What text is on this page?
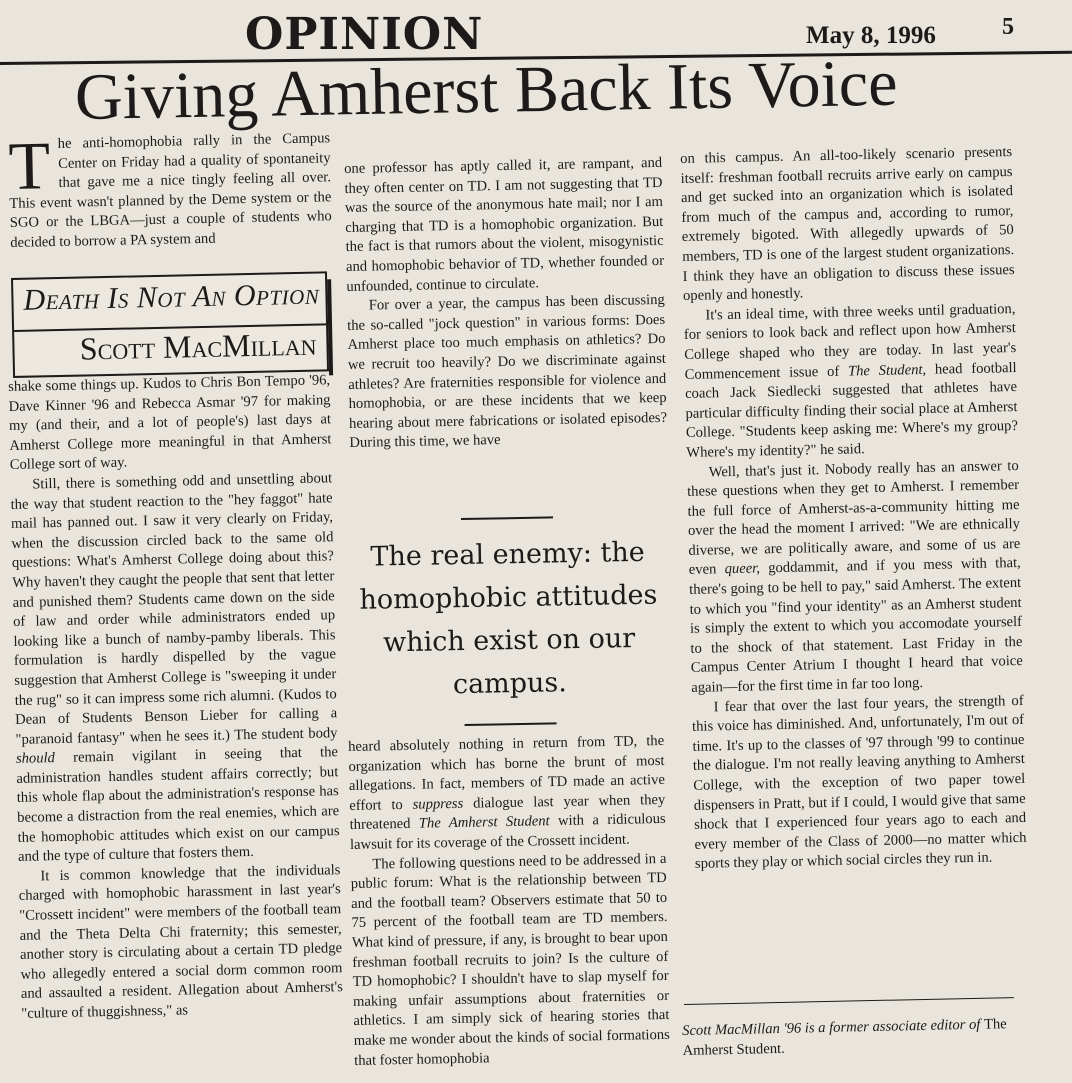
OPINION	May 8, 1996	5
Giving Amherst Back Its Voice

The anti-homophobia rally in the Campus Center on Friday had a quality of spontaneity that gave me a nice tingly feeling all over. This event wasn't planned by the Deme system or the SGO or the LBGA—just a couple of students who decided to borrow a PA system and

Death Is Not An Option
Scott MacMillan

shake some things up. Kudos to Chris Bon Tempo '96, Dave Kinner '96 and Rebecca Asmar '97 for making my (and their, and a lot of people's) last days at Amherst College more meaningful in that Amherst College sort of way.

Still, there is something odd and unsettling about the way that student reaction to the "hey faggot" hate mail has panned out. I saw it very clearly on Friday, when the discussion circled back to the same old questions: What's Amherst College doing about this? Why haven't they caught the people that sent that letter and punished them? Students came down on the side of law and order while administrators ended up looking like a bunch of namby-pamby liberals. This formulation is hardly dispelled by the vague suggestion that Amherst College is "sweeping it under the rug" so it can impress some rich alumni. (Kudos to Dean of Students Benson Lieber for calling a "paranoid fantasy" when he sees it.) The student body should remain vigilant in seeing that the administration handles student affairs correctly; but this whole flap about the administration's response has become a distraction from the real enemies, which are the homophobic attitudes which exist on our campus and the type of culture that fosters them.

It is common knowledge that the individuals charged with homophobic harassment in last year's "Crossett incident" were members of the football team and the Theta Delta Chi fraternity; this semester, another story is circulating about a certain TD pledge who allegedly entered a social dorm common room and assaulted a resident. Allegation about Amherst's "culture of thuggishness," as

one professor has aptly called it, are rampant, and they often center on TD. I am not suggesting that TD was the source of the anonymous hate mail; nor I am charging that TD is a homophobic organization. But the fact is that rumors about the violent, misogynistic and homophobic behavior of TD, whether founded or unfounded, continue to circulate.

For over a year, the campus has been discussing the so-called "jock question" in various forms: Does Amherst place too much emphasis on athletics? Do we recruit too heavily? Do we discriminate against athletes? Are fraternities responsible for violence and homophobia, or are these incidents that we keep hearing about mere fabrications or isolated episodes? During this time, we have

The real enemy: the homophobic attitudes which exist on our campus.

heard absolutely nothing in return from TD, the organization which has borne the brunt of most allegations. In fact, members of TD made an active effort to suppress dialogue last year when they threatened The Amherst Student with a ridiculous lawsuit for its coverage of the Crossett incident.

The following questions need to be addressed in a public forum: What is the relationship between TD and the football team? Observers estimate that 50 to 75 percent of the football team are TD members. What kind of pressure, if any, is brought to bear upon freshman football recruits to join? Is the culture of TD homophobic? I shouldn't have to slap myself for making unfair assumptions about fraternities or athletics. I am simply sick of hearing stories that make me wonder about the kinds of social formations that foster homophobia

on this campus. An all-too-likely scenario presents itself: freshman football recruits arrive early on campus and get sucked into an organization which is isolated from much of the campus and, according to rumor, extremely bigoted. With allegedly upwards of 50 members, TD is one of the largest student organizations. I think they have an obligation to discuss these issues openly and honestly.

It's an ideal time, with three weeks until graduation, for seniors to look back and reflect upon how Amherst College shaped who they are today. In last year's Commencement issue of The Student, head football coach Jack Siedlecki suggested that athletes have particular difficulty finding their social place at Amherst College. "Students keep asking me: Where's my group? Where's my identity?" he said.

Well, that's just it. Nobody really has an answer to these questions when they get to Amherst. I remember the full force of Amherst-as-a-community hitting me over the head the moment I arrived: "We are ethnically diverse, we are politically aware, and some of us are even queer, goddammit, and if you mess with that, there's going to be hell to pay," said Amherst. The extent to which you "find your identity" as an Amherst student is simply the extent to which you accomodate yourself to the shock of that statement. Last Friday in the Campus Center Atrium I thought I heard that voice again—for the first time in far too long.

I fear that over the last four years, the strength of this voice has diminished. And, unfortunately, I'm out of time. It's up to the classes of '97 through '99 to continue the dialogue. I'm not really leaving anything to Amherst College, with the exception of two paper towel dispensers in Pratt, but if I could, I would give that same shock that I experienced four years ago to each and every member of the Class of 2000—no matter which sports they play or which social circles they run in.

Scott MacMillan '96 is a former associate editor of The Amherst Student.
